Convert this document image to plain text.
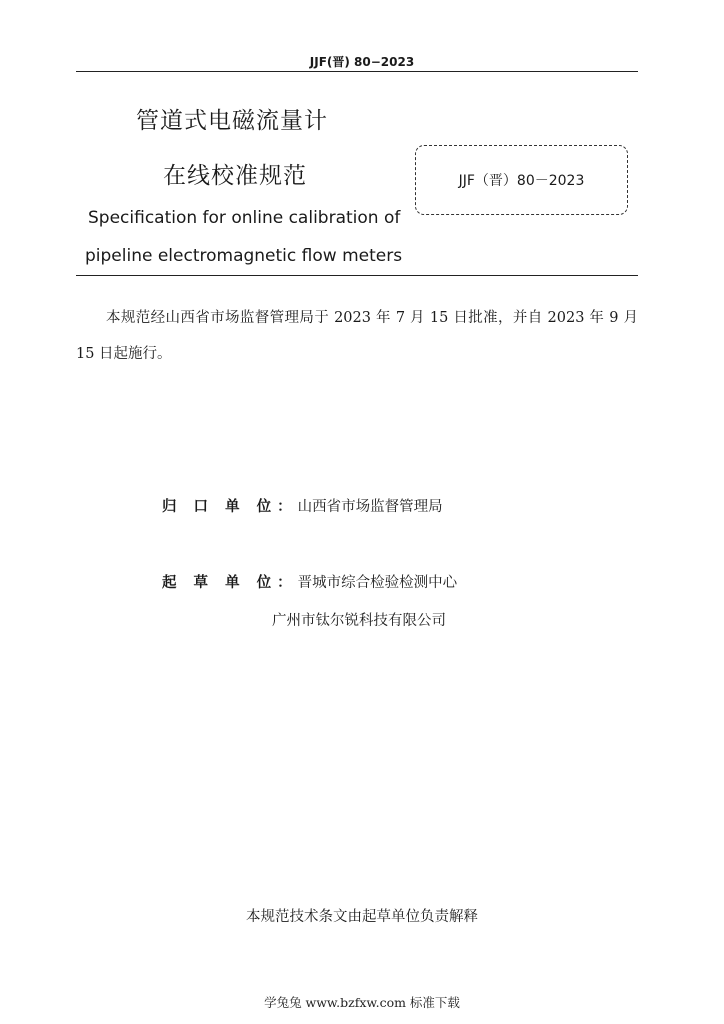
JJF(晋) 80−2023
管道式电磁流量计
在线校准规范	JJF（晋）80－2023
Specification for online calibration of
pipeline electromagnetic flow meters
本规范经山西省市场监督管理局于 2023 年 7 月 15 日批准，并自 2023 年 9 月 15 日起施行。
归 口 单 位：山西省市场监督管理局
起 草 单 位：晋城市综合检验检测中心
广州市钛尔锐科技有限公司
本规范技术条文由起草单位负责解释
学兔兔 www.bzfxw.com 标准下载
